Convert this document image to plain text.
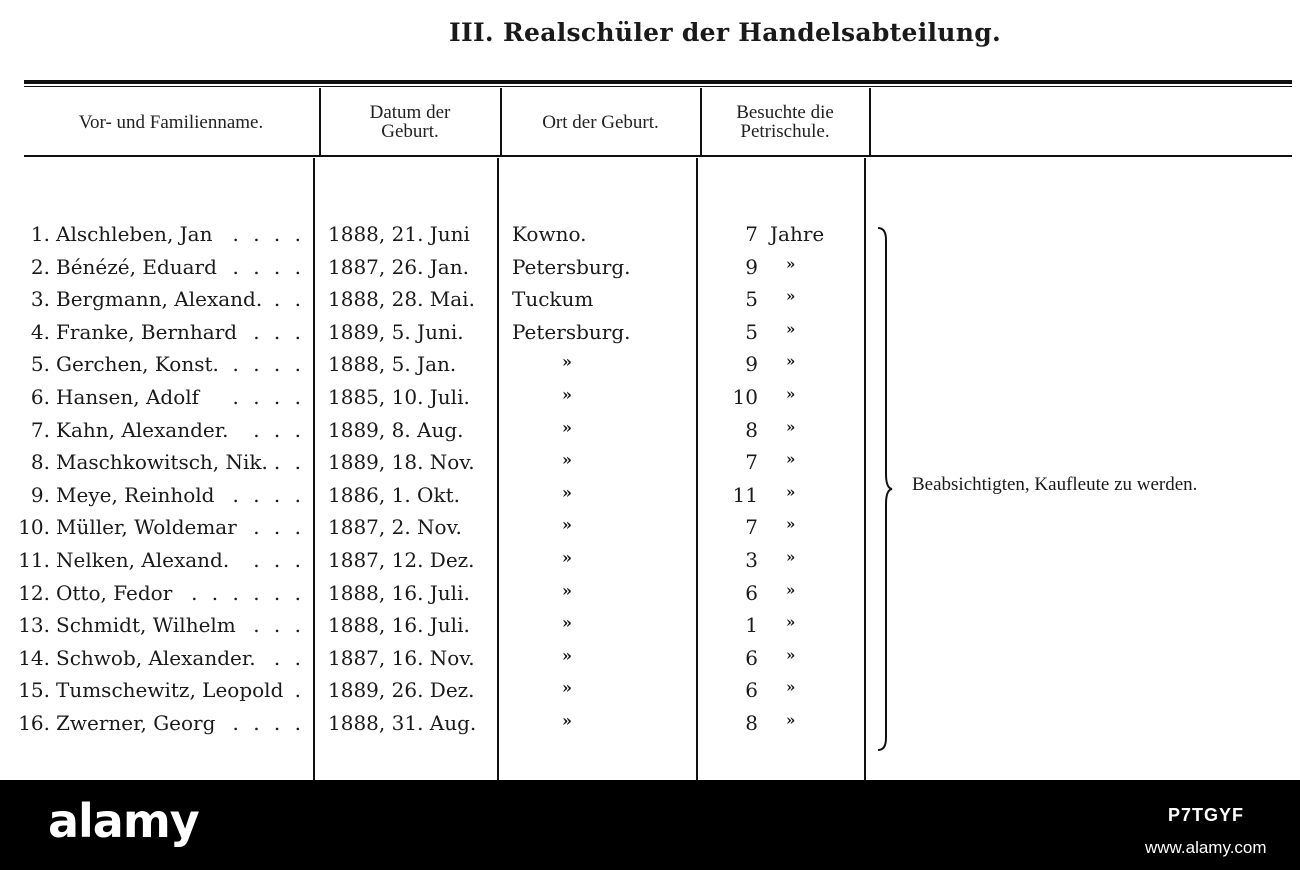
III. Realschüler der Handelsabteilung.
Vor- und Familienname.	Datum der
Geburt.	Ort der Geburt.	Besuchte die
Petrischule.
1. Alschleben, Jan	. . . . 1888, 21. Juni Kowno.	7 Jahre
2. Bénézé, Eduard . . . . 1887, 26. Jan. Petersburg.	9 »
3. Bergmann, Alexand. . . 1888, 28. Mai. Tuckum	5 »
4. Franke, Bernhard . . . 1889, 5. Juni. Petersburg.	5 »
5. Gerchen, Konst. . . . . 1888, 5. Jan.	»	9 »
6. Hansen, Adolf	. . . . 1885, 10. Juli.	»	10 »
7. Kahn, Alexander.	. . . 1889, 8. Aug.	»	8 »
8. Maschkowitsch, Nik. . . 1889, 18. Nov.	»	7 »
9. Meye, Reinhold . . . . 1886, 1. Okt.	»	11 »
10. Müller, Woldemar . . . 1887, 2. Nov.	»	7 »
11. Nelken, Alexand.	. . . 1887, 12. Dez.	»	3 »
12. Otto, Fedor . . . . . . 1888, 16. Juli.	»	6 »
13. Schmidt, Wilhelm . . . 1888, 16. Juli.	»	1 »
14. Schwob, Alexander. . . 1887, 16. Nov.	»	6 »
15. Tumschewitz, Leopold . 1889, 26. Dez.	»	6 »
16. Zwerner, Georg . . . . 1888, 31. Aug.	»	8 »
Beabsichtigten, Kaufleute zu werden.
alamy	P7TGYF
www.alamy.com
